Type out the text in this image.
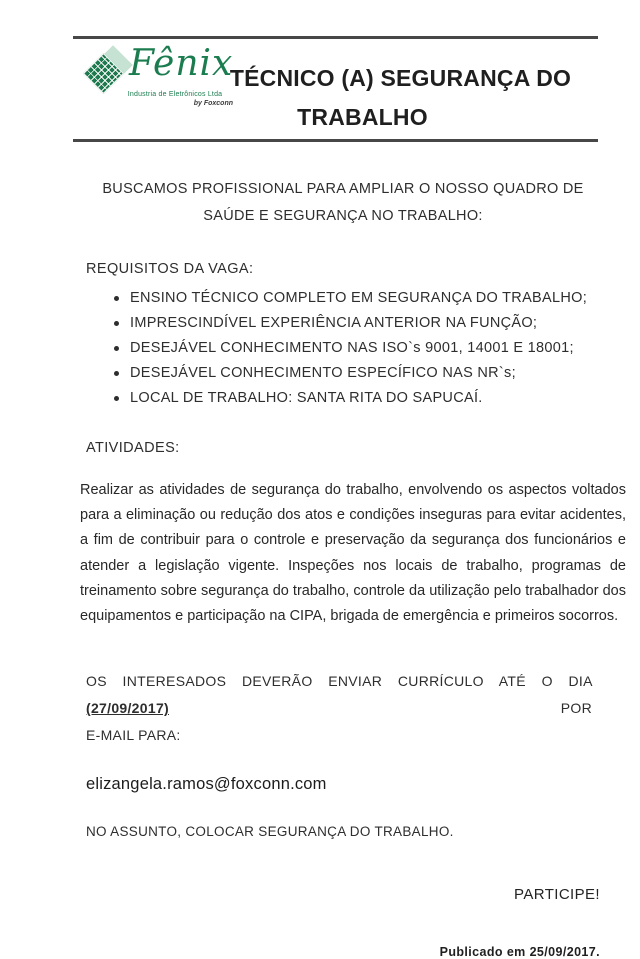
Fênix
Industria de Eletrônicos Ltda
by Foxconn
TÉCNICO (A) SEGURANÇA DO
TRABALHO

BUSCAMOS PROFISSIONAL PARA AMPLIAR O NOSSO QUADRO DE SAÚDE E SEGURANÇA NO TRABALHO:

REQUISITOS DA VAGA:
ENSINO TÉCNICO COMPLETO EM SEGURANÇA DO TRABALHO;
IMPRESCINDÍVEL EXPERIÊNCIA ANTERIOR NA FUNÇÃO;
DESEJÁVEL CONHECIMENTO NAS ISO`s 9001, 14001 E 18001;
DESEJÁVEL CONHECIMENTO ESPECÍFICO NAS NR`s;
LOCAL DE TRABALHO: SANTA RITA DO SAPUCAÍ.
ATIVIDADES:

Realizar as atividades de segurança do trabalho, envolvendo os aspectos voltados para a eliminação ou redução dos atos e condições inseguras para evitar acidentes, a fim de contribuir para o controle e preservação da segurança dos funcionários e atender a legislação vigente. Inspeções nos locais de trabalho, programas de treinamento sobre segurança do trabalho, controle da utilização pelo trabalhador dos equipamentos e participação na CIPA, brigada de emergência e primeiros socorros.

OS INTERESADOS DEVERÃO ENVIAR CURRÍCULO ATÉ O DIA (27/09/2017)	POR

E-MAIL PARA:
elizangela.ramos@foxconn.com
NO ASSUNTO, COLOCAR SEGURANÇA DO TRABALHO.
PARTICIPE!
Publicado em 25/09/2017.
